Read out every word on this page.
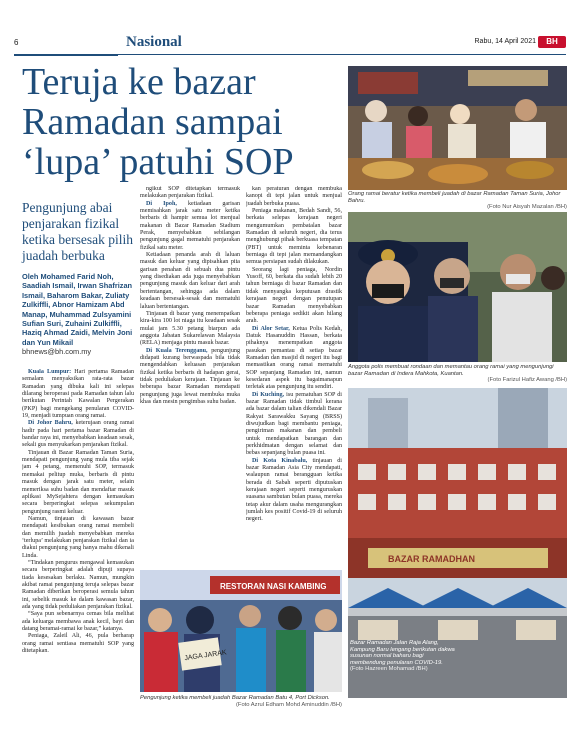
6	Nasional	Rabu, 14 April 2021	BH
Teruja ke bazar
Ramadan sampai
‘lupa’ patuhi SOP
Pengunjung abai penjarakan fizikal ketika bersesak pilih juadah berbuka
Oleh Mohamed Farid Noh, Saadiah Ismail, Irwan Shafrizan Ismail, Baharom Bakar, Zuliaty Zulkiffli, Abnor Hamizam Abd Manap, Muhammad Zulsyamini Sufian Suri, Zuhaini Zulkiffli, Haziq Ahmad Zaidi, Melvin Joni dan Yun Mikail
bhnews@bh.com.my

Kuala Lumpur: Hari pertama Ramadan semalam menyaksikan rata-rata bazar Ramadan yang dibuka kali ini selepas dilarang beroperasi pada Ramadan tahun lalu berikutan Perintah Kawalan Pergerakan (PKP) bagi mengekang penularan COVID-19, menjadi tumpuan orang ramai.

Di Johor Bahru, keterujaan orang ramai hadir pada hari pertama bazar Ramadan di bandar raya ini, menyebabkan keadaan sesak, sekali gus menyukarkan penjarakan fizikal.

Tinjauan di Bazar Ramadan Taman Suria, mendapati pengunjung yang mula tiba sejak jam 4 petang, memenuhi SOP, termasuk memakai pelitup muka, berbaris di pintu masuk dengan jarak satu meter, selain memeriksa suhu badan dan mendaftar masuk aplikasi MySejahtera dengan kemasukan secara berperingkat selepas sekumpulan pengunjung rasmi keluar.

Namun, tinjauan di kawasan bazar mendapati kesibukan orang ramai membeli dan memilih juadah menyebabkan mereka ‘terlupa’ melakukan penjarakan fizikal dan ia diakui pengunjung yang hanya mahu dikenali Linda.

“Tindakan pengurus mengawal kemasukan secara berperingkat adalah dipuji supaya tiada kesesakan berlaku. Namun, mungkin akibat ramai pengunjung teruja selepas bazar Ramadan diberikan beroperasi semula tahun ini, sebelik masuk ke dalam kawasan bazar, ada yang tidak peduliakan penjarakan fizikal.

“Saya pun sebenarnya cemas bila melihat ada keluarga membawa anak kecil, bayi dan datang beramai-ramai ke bazar,” katanya.

Peniaga, Zaleil Ali, 46, pula berharap orang ramai sentiasa mematuhi SOP yang ditetapkan.

ngikut SOP ditetapkan termasuk melakukan penjarakan fizikal.

Di Ipoh, ketiadaan garisan memisahkan jarak satu meter ketika berbaris di hampir semua lot menjual makanan di Bazar Ramadan Stadium Perak, menyebabkan sebilangan pengunjung gagal mematuhi penjarakan fizikal satu meter.

Ketiadaan penanda arah di laluan masuk dan keluar yang dipisahkan pita garisan penahan di sebuah dua pintu yang disediakan ada juga menyebabkan pengunjung masuk dan keluar dari arah bertentangan, sehingga ada dalam keadaan bersesak-sesak dan mematuhi laluan bertentangan.

Tinjauan di bazar yang menempatkan kira-kira 100 lot niaga itu keadaan sesak mulai jam 5.30 petang biarpun ada anggota Jabatan Sukarelawan Malaysia (RELA) menjaga pintu masuk bazar.

Di Kuala Terengganu, pengunjung didapati kurang berwaspada bila tidak mengendahkan keluasan penjarakan fizikal ketika berbaris di hadapan gerai, tidak peduliakan kerajaan. Tinjauan ke beberapa bazar Ramadan mendapati pengunjung juga lewat membuka muka khas dan mesin pengimbas suhu badan.

kan peraturan dengan membuka kanopi di tepi jalan untuk menjual juadah berbuka puasa.

Peniaga makanan, Bedah Sandi, 56, berkata selepas kerajaan negeri mengumumkan pembatalan bazar Ramadan di seluruh negeri, dia terus menghubungi pihak berkuasa tempatan (PBT) untuk meminta kebenaran berniaga di tepi jalan memandangkan semua persiapan sudah dilakukan.

Seorang lagi peniaga, Nordin Yusoff, 60, berkata dia sudah lebih 20 tahun berniaga di bazar Ramadan dan tidak menyangka keputusan drastik kerajaan negeri dengan penutupan bazar Ramadan menyebabkan beberapa peniaga sedikit akan hilang arah.

Di Alor Setar, Ketua Polis Kedah, Datuk Hasanuddin Hassan, berkata pihaknya menempatkan anggota pasukan pemantau di setiap bazar Ramadan dan masjid di negeri itu bagi memastikan orang ramai mematuhi SOP sepanjang Ramadan ini, namun kesedaran aspek itu bagaimanapun terletak atas pengunjung itu sendiri.

Di Kuching, isu pematuhan SOP di bazar Ramadan tidak timbul kerana ada bazar dalam talian dikendali Bazar Rakyat Sarawakku Sayang (BRSS) diwujudkan bagi membantu peniaga, pengiriman makanan dan pembeli untuk mendapatkan barangan dan perkhidmatan dengan selamat dan bebas sepanjang bulan puasa ini.

Di Kota Kinabalu, tinjauan di bazar Ramadan Asia City mendapati, walaupun ramai berangguan ketika berada di Sabah seperti diputuskan kerajaan negeri seperti menguruskan suasana sambutan bulan puasa, mereka tetap akur dalam usaha mengurangkan jumlah kes positif Covid-19 di seluruh negeri.

Orang ramai beratur ketika membeli juadah di bazar Ramadan Taman Suria, Johor Bahru.
(Foto Nur Aisyah Mazalan /BH)
Anggota polis membuat rondaan dan memantau orang ramai yang mengunjungi bazar Ramadan di Indera Mahkota, Kuantan.
(Foto Farizul Hafiz Awang /BH)
RESTORAN NASI KAMBING
JAGA JARAK
Pengunjung ketika membeli juadah Bazar Ramadan Batu 4, Port Dickson.
(Foto Azrul Edham Mohd Aminuddin /BH)
BAZAR RAMADHAN
Bazar Ramadan Jalan Raja Alang, Kampung Baru lengang berikutan dakwa susunan normal baharu bagi membendung penularan COVID-19.
(Foto Hazreen Mohamad /BH)
